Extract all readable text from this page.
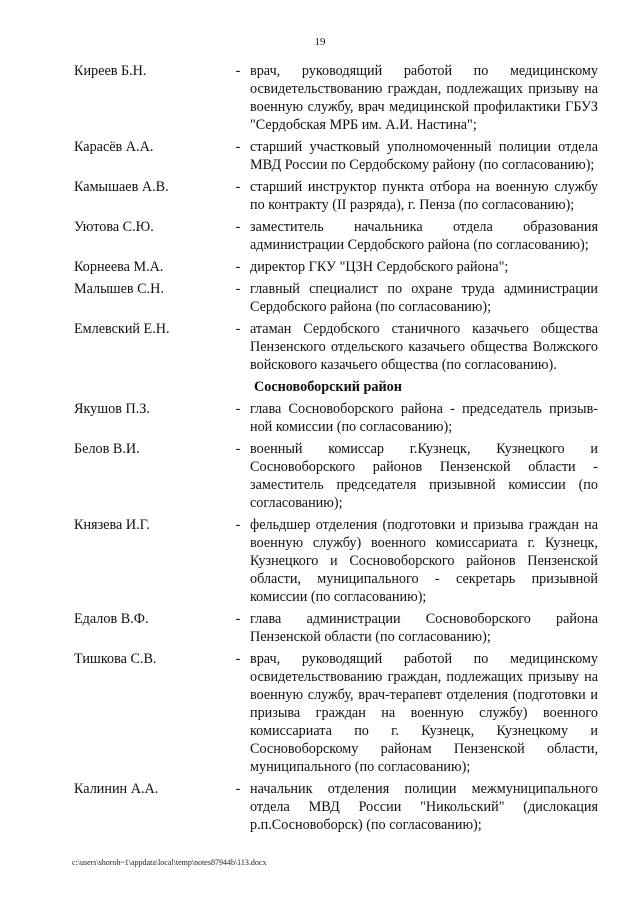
19
Киреев Б.Н.	- врач, руководящий работой по медицинскому освидетельствованию граждан, подлежащих призыву на военную службу, врач медицинской профилактики ГБУЗ "Сердобская МРБ им. А.И. Настина";
Карасёв А.А.	- старший участковый уполномоченный полиции отдела МВД России по Сердобскому району (по согласованию);
Камышаев А.В.	- старший инструктор пункта отбора на военную службу по контракту (II разряда), г. Пенза (по согласованию);
Уютова С.Ю.	- заместитель начальника отдела образования администрации Сердобского района (по согласованию);
Корнеева М.А.	- директор ГКУ "ЦЗН Сердобского района";
Малышев С.Н.	- главный специалист по охране труда администрации Сердобского района (по согласованию);
Емлевский Е.Н.	- атаман Сердобского станичного казачьего общества Пензенского отдельского казачьего общества Волжского войскового казачьего общества (по согласованию).
Сосновоборский район
Якушов П.З.	- глава Сосновоборского района - председатель призыв-ной комиссии (по согласованию);
Белов В.И.	- военный комиссар г.Кузнецк, Кузнецкого и Сосновоборского районов Пензенской области - заместитель председателя призывной комиссии (по согласованию);
Князева И.Г.	- фельдшер отделения (подготовки и призыва граждан на военную службу) военного комиссариата г. Кузнецк, Кузнецкого и Сосновоборского районов Пензенской области, муниципального - секретарь призывной комиссии (по согласованию);
Едалов В.Ф.	- глава администрации Сосновоборского района Пензенской области (по согласованию);
Тишкова С.В.	- врач, руководящий работой по медицинскому освидетельствованию граждан, подлежащих призыву на военную службу, врач-терапевт отделения (подготовки и призыва граждан на военную службу) военного комиссариата по г. Кузнецк, Кузнецкому и Сосновоборскому районам Пензенской области, муниципального (по согласованию);
Калинин А.А.	- начальник отделения полиции межмуниципального отдела МВД России "Никольский" (дислокация р.п.Сосновоборск) (по согласованию);
c:\users\shoroh~1\appdata\local\temp\notes87944b\113.docx
